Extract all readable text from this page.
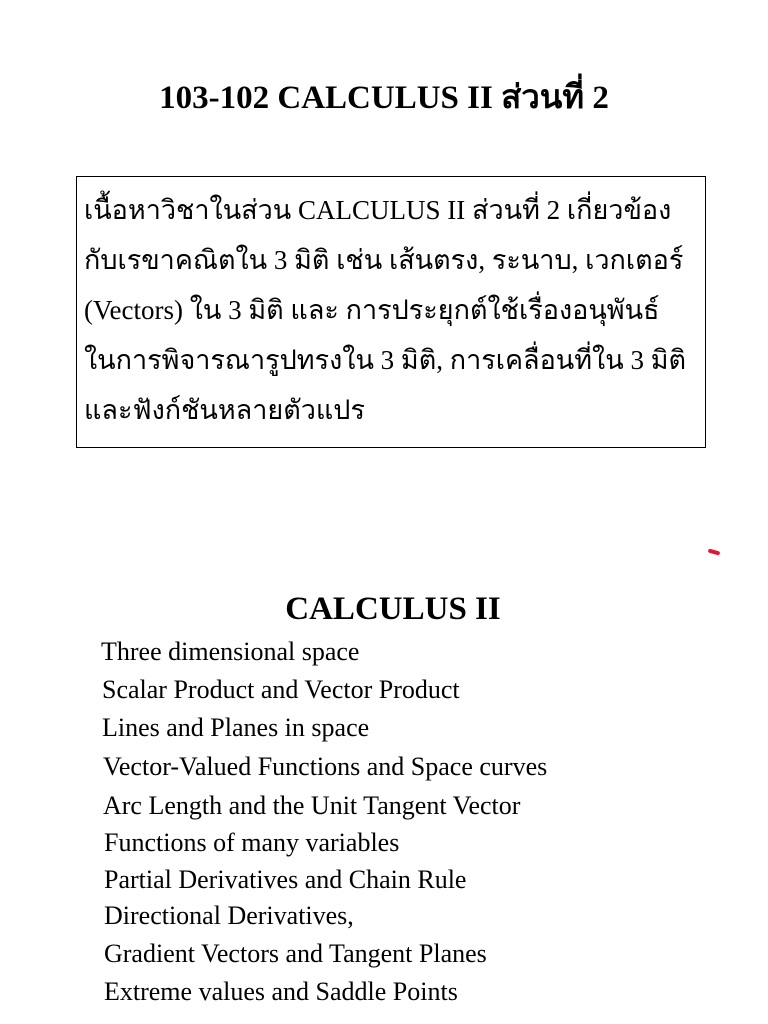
103-102 CALCULUS II ส่วนที่ 2
เนื้อหาวิชาในส่วน CALCULUS II ส่วนที่ 2 เกี่ยวข้อง
กับเรขาคณิตใน 3 มิติ เช่น เส้นตรง, ระนาบ, เวกเตอร์
(Vectors) ใน 3 มิติ และ การประยุกต์ใช้เรื่องอนุพันธ์
ในการพิจารณารูปทรงใน 3 มิติ, การเคลื่อนที่ใน 3 มิติ
และฟังก์ชันหลายตัวแปร
CALCULUS II
Three dimensional space
Scalar Product and Vector Product
Lines and Planes in space
Vector-Valued Functions and Space curves
Arc Length and the Unit Tangent Vector
Functions of many variables
Partial Derivatives and Chain Rule
Directional Derivatives,
Gradient Vectors and Tangent Planes
Extreme values and Saddle Points
